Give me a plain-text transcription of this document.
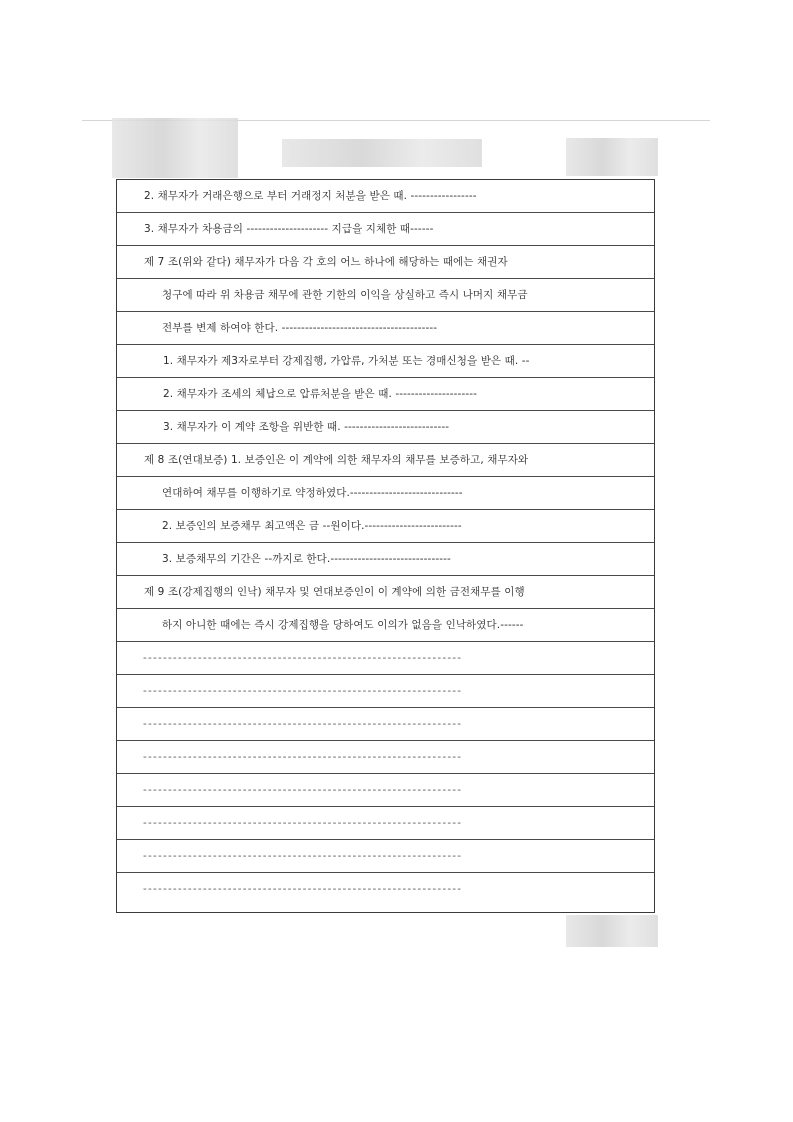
2. 채무자가 거래은행으로 부터 거래정지 처분을 받은 때. -----------------
3. 채무자가 차용금의 --------------------- 지급을 지체한 때------
제 7 조(위와 같다) 채무자가 다음 각 호의 어느 하나에 해당하는 때에는 채권자
청구에 따라 위 차용금 채무에 관한 기한의 이익을 상실하고 즉시 나머지 채무금
전부를 변제 하여야 한다. ----------------------------------------
1. 채무자가 제3자로부터 강제집행, 가압류, 가처분 또는 경매신청을 받은 때. --
2. 채무자가 조세의 체납으로 압류처분을 받은 때. ---------------------
3. 채무자가 이 계약 조항을 위반한 때. ---------------------------
제 8 조(연대보증) 1. 보증인은 이 계약에 의한 채무자의 채무를 보증하고, 채무자와
연대하여 채무를 이행하기로 약정하였다.-----------------------------
2. 보증인의 보증채무 최고액은 금 --원이다.-------------------------
3. 보증채무의 기간은 --까지로 한다.-------------------------------
제 9 조(강제집행의 인낙) 채무자 및 연대보증인이 이 계약에 의한 금전채무를 이행
하지 아니한 때에는 즉시 강제집행을 당하여도 이의가 없음을 인낙하였다.------
----------------------------------------------------------------
----------------------------------------------------------------
----------------------------------------------------------------
----------------------------------------------------------------
----------------------------------------------------------------
----------------------------------------------------------------
----------------------------------------------------------------
----------------------------------------------------------------
